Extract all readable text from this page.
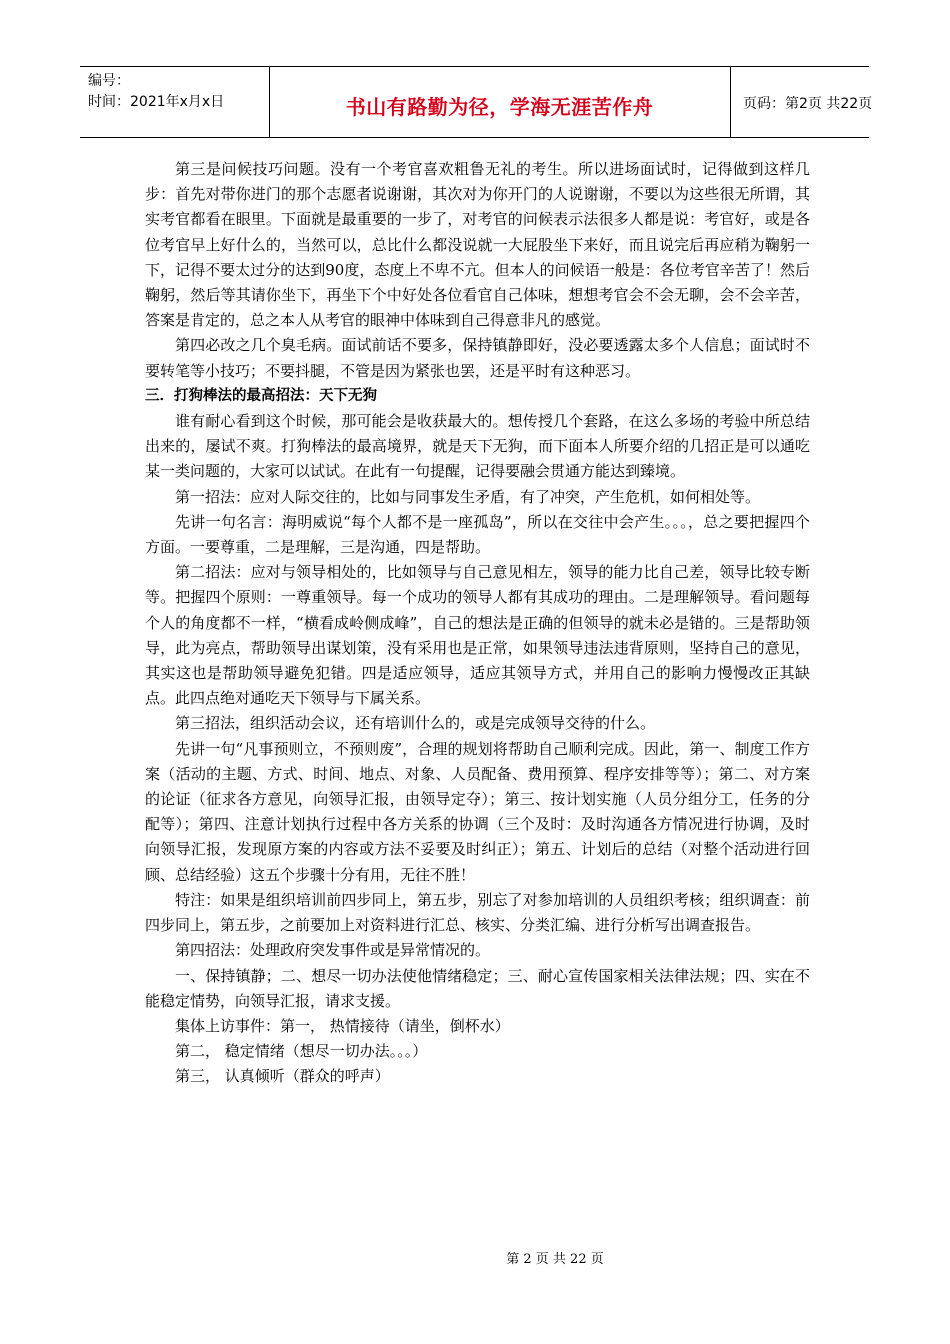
编号：
时间：2021年x月x日	书山有路勤为径，学海无涯苦作舟	页码：第2页 共22页

第三是问候技巧问题。没有一个考官喜欢粗鲁无礼的考生。所以进场面试时，记得做到这样几步：首先对带你进门的那个志愿者说谢谢，其次对为你开门的人说谢谢，不要以为这些很无所谓，其实考官都看在眼里。下面就是最重要的一步了，对考官的问候表示法很多人都是说：考官好，或是各位考官早上好什么的，当然可以，总比什么都没说就一大屁股坐下来好，而且说完后再应稍为鞠躬一下，记得不要太过分的达到90度，态度上不卑不亢。但本人的问候语一般是：各位考官辛苦了！然后鞠躬，然后等其请你坐下，再坐下个中好处各位看官自己体味，想想考官会不会无聊，会不会辛苦，答案是肯定的，总之本人从考官的眼神中体味到自己得意非凡的感觉。

第四必改之几个臭毛病。面试前话不要多，保持镇静即好，没必要透露太多个人信息；面试时不要转笔等小技巧；不要抖腿，不管是因为紧张也罢，还是平时有这种恶习。

三．打狗棒法的最高招法：天下无狗

谁有耐心看到这个时候，那可能会是收获最大的。想传授几个套路，在这么多场的考验中所总结出来的，屡试不爽。打狗棒法的最高境界，就是天下无狗，而下面本人所要介绍的几招正是可以通吃某一类问题的，大家可以试试。在此有一句提醒，记得要融会贯通方能达到臻境。

第一招法：应对人际交往的，比如与同事发生矛盾，有了冲突，产生危机，如何相处等。

先讲一句名言：海明威说“每个人都不是一座孤岛”，所以在交往中会产生。。。，总之要把握四个方面。一要尊重，二是理解，三是沟通，四是帮助。

第二招法：应对与领导相处的，比如领导与自己意见相左，领导的能力比自己差，领导比较专断等。把握四个原则：一尊重领导。每一个成功的领导人都有其成功的理由。二是理解领导。看问题每个人的角度都不一样，“横看成岭侧成峰”，自己的想法是正确的但领导的就未必是错的。三是帮助领导，此为亮点，帮助领导出谋划策，没有采用也是正常，如果领导违法违背原则，坚持自己的意见，其实这也是帮助领导避免犯错。四是适应领导，适应其领导方式，并用自己的影响力慢慢改正其缺点。此四点绝对通吃天下领导与下属关系。

第三招法，组织活动会议，还有培训什么的，或是完成领导交待的什么。

先讲一句“凡事预则立，不预则废”，合理的规划将帮助自己顺利完成。因此，第一、制度工作方案（活动的主题、方式、时间、地点、对象、人员配备、费用预算、程序安排等等）；第二、对方案的论证（征求各方意见，向领导汇报，由领导定夺）；第三、按计划实施（人员分组分工，任务的分配等）；第四、注意计划执行过程中各方关系的协调（三个及时：及时沟通各方情况进行协调，及时向领导汇报，发现原方案的内容或方法不妥要及时纠正）；第五、计划后的总结（对整个活动进行回顾、总结经验）这五个步骤十分有用，无往不胜！

特注：如果是组织培训前四步同上，第五步，别忘了对参加培训的人员组织考核；组织调查：前四步同上，第五步，之前要加上对资料进行汇总、核实、分类汇编、进行分析写出调查报告。

第四招法：处理政府突发事件或是异常情况的。

一、保持镇静；二、想尽一切办法使他情绪稳定；三、耐心宣传国家相关法律法规；四、实在不能稳定情势，向领导汇报，请求支援。

集体上访事件：第一， 热情接待（请坐，倒杯水）

第二， 稳定情绪（想尽一切办法。。。）

第三， 认真倾听（群众的呼声）

第 2 页 共 22 页
